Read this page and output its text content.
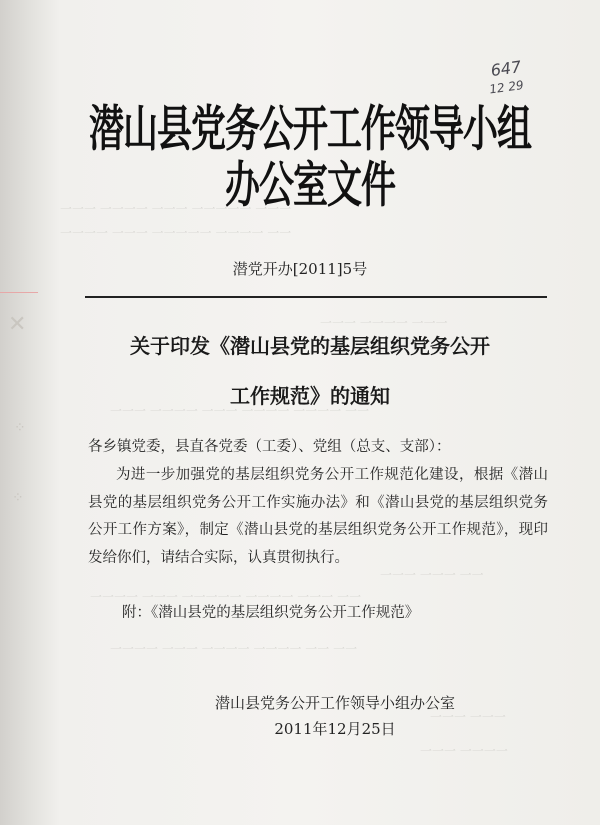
一一一 一一一一 一一一 一一一一一 一一一
一一一一 一一一 一一一一一 一一一一 一一
一一一 一一一一 一一一
一一一 一一一一 一一一 一一一一 一一一一 一一
一一一 一一一 一一
一一一一 一一一 一一一一一 一一一一 一一一 一一
一一一一 一一一 一一一一 一一一一 一一 一一
一一一 一一一
一一一 一一一一
✕
⁘
⁘
647
12 29
潜山县党务公开工作领导小组办公室文件
潜党开办[2011]5号
关于印发《潜山县党的基层组织党务公开
工作规范》的通知
各乡镇党委，县直各党委（工委）、党组（总支、支部）：
为进一步加强党的基层组织党务公开工作规范化建设，根据《潜山县党的基层组织党务公开工作实施办法》和《潜山县党的基层组织党务公开工作方案》，制定《潜山县党的基层组织党务公开工作规范》，现印发给你们，请结合实际，认真贯彻执行。
附：《潜山县党的基层组织党务公开工作规范》
潜山县党务公开工作领导小组办公室
2011年12月25日
